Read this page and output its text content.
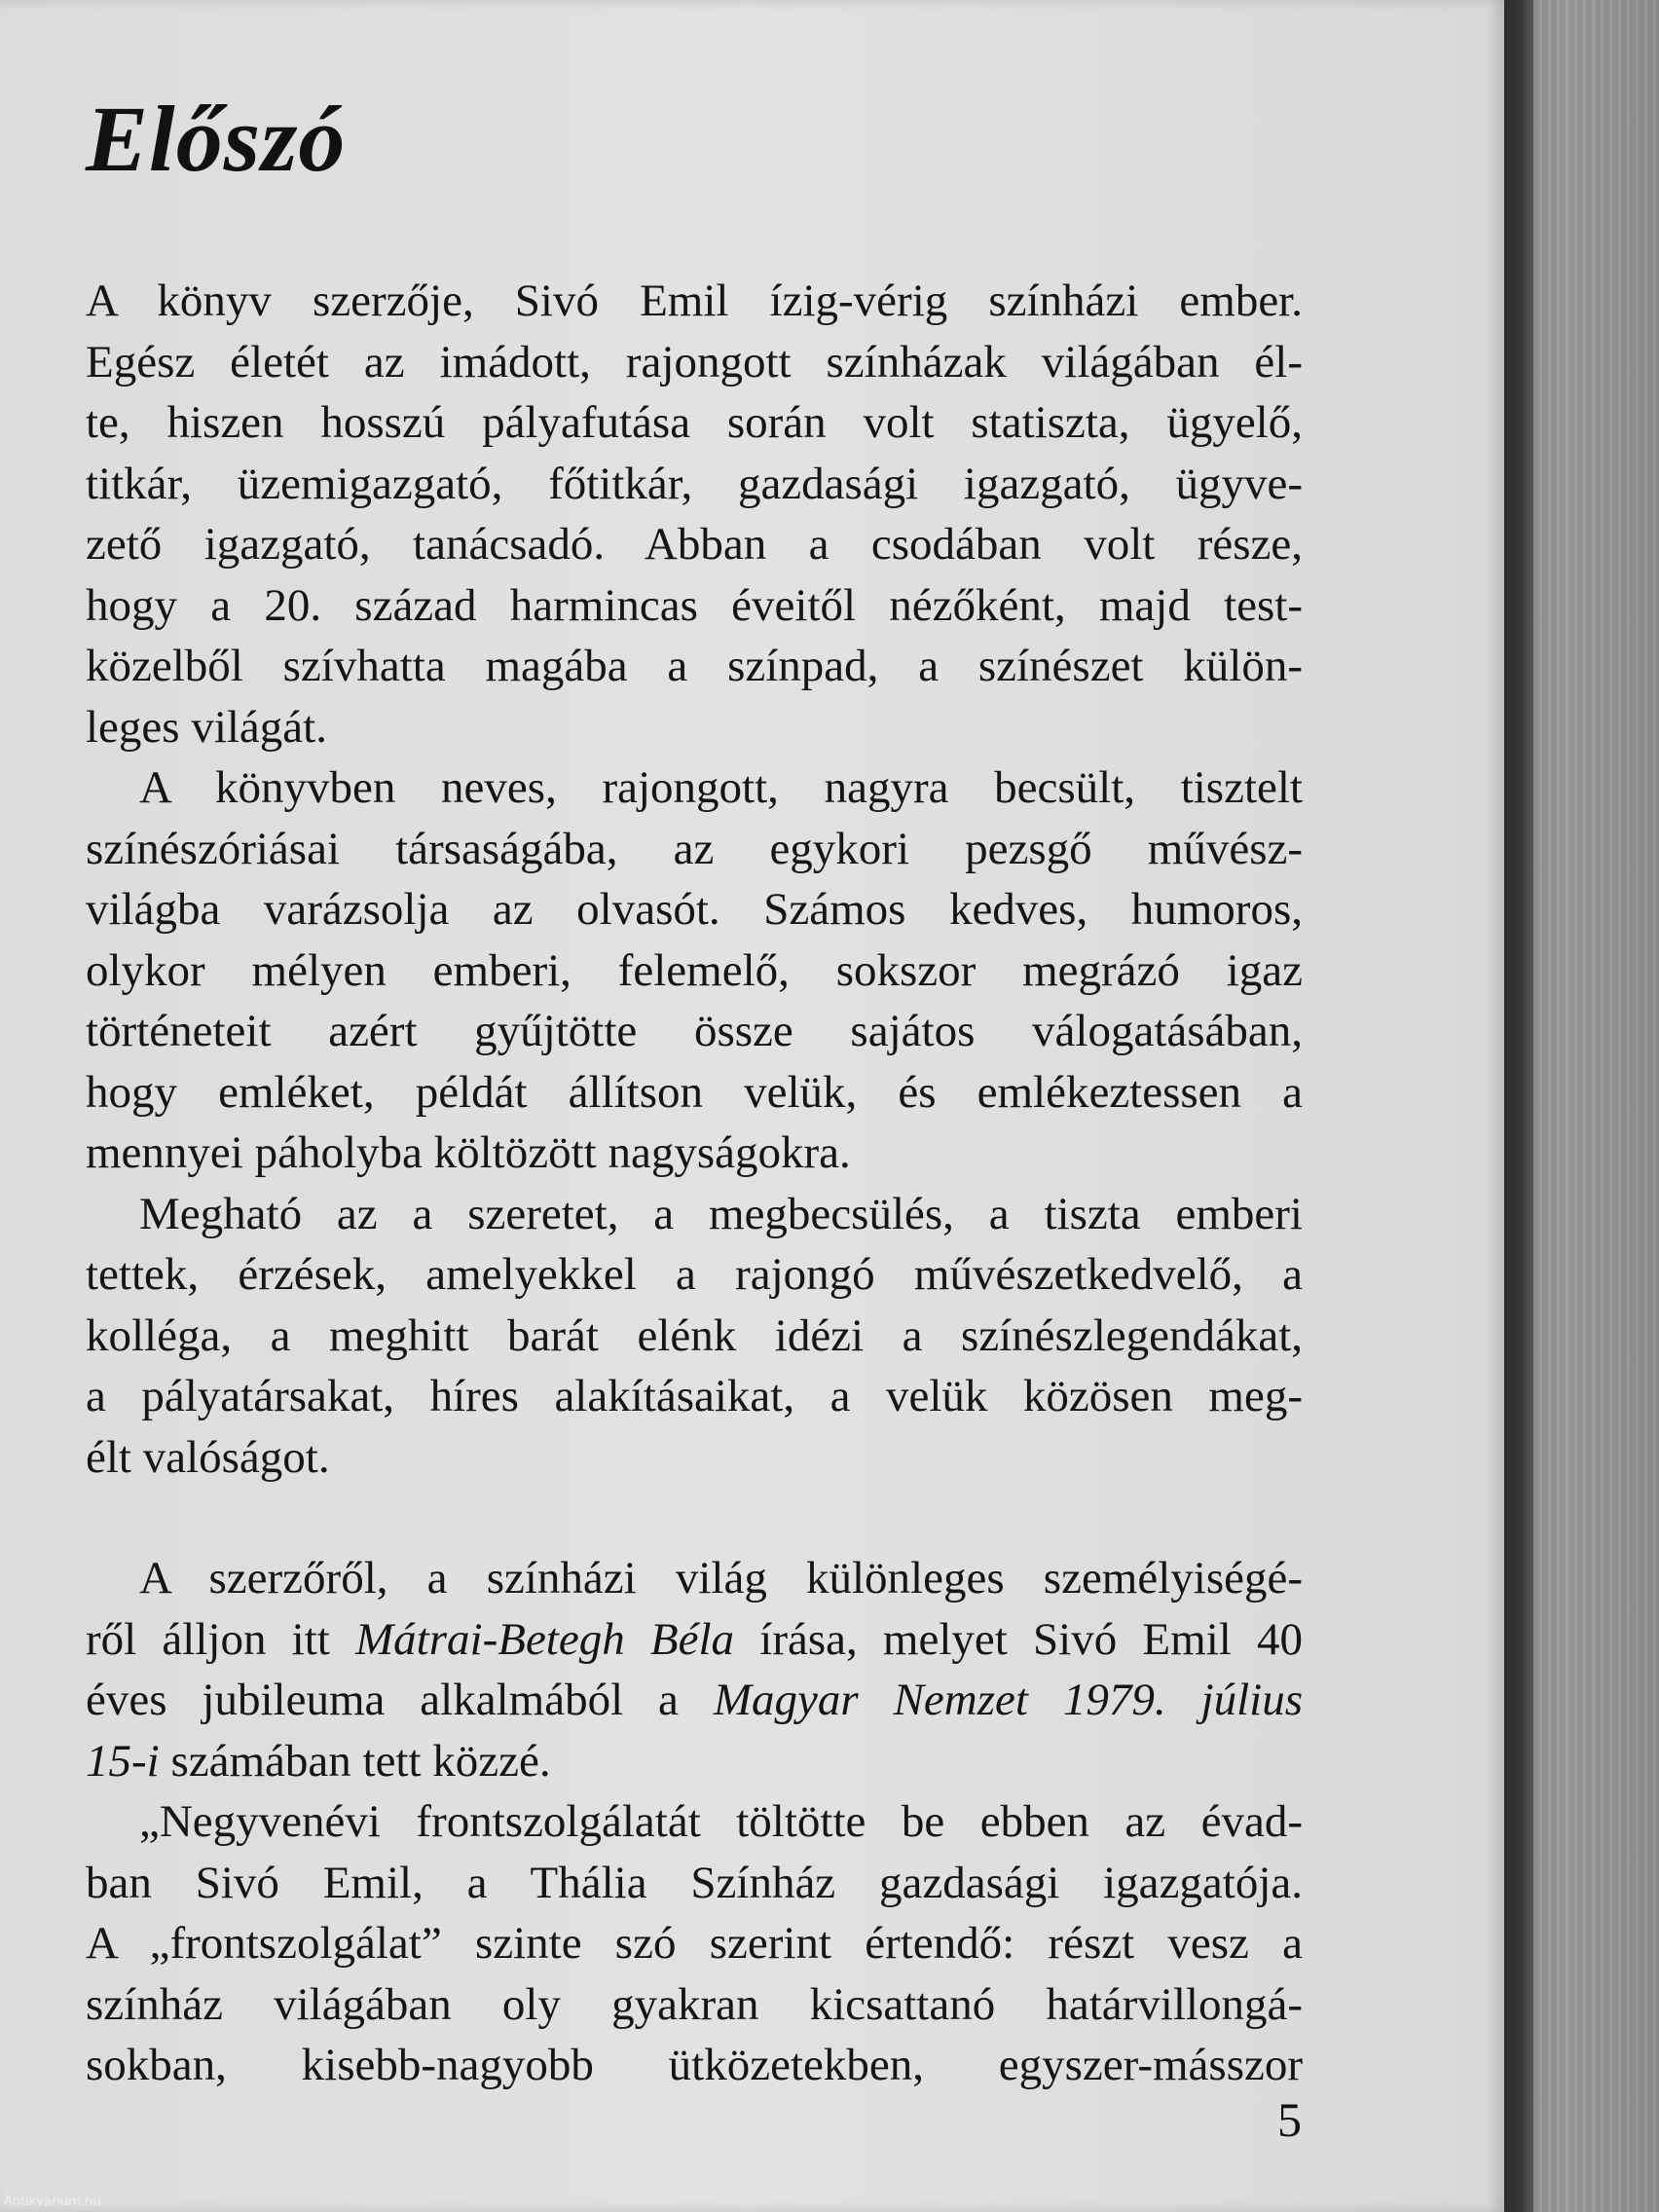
Előszó

A könyv szerzője, Sivó Emil ízig-vérig színházi ember.
Egész életét az imádott, rajongott színházak világában él-
te, hiszen hosszú pályafutása során volt statiszta, ügyelő,
titkár, üzemigazgató, főtitkár, gazdasági igazgató, ügyve-
zető igazgató, tanácsadó. Abban a csodában volt része,
hogy a 20. század harmincas éveitől nézőként, majd test-
közelből szívhatta magába a színpad, a színészet külön-
leges világát.

A könyvben neves, rajongott, nagyra becsült, tisztelt
színészóriásai társaságába, az egykori pezsgő művész-
világba varázsolja az olvasót. Számos kedves, humoros,
olykor mélyen emberi, felemelő, sokszor megrázó igaz
történeteit azért gyűjtötte össze sajátos válogatásában,
hogy emléket, példát állítson velük, és emlékeztessen a
mennyei páholyba költözött nagyságokra.

Megható az a szeretet, a megbecsülés, a tiszta emberi
tettek, érzések, amelyekkel a rajongó művészetkedvelő, a
kolléga, a meghitt barát elénk idézi a színészlegendákat,
a pályatársakat, híres alakításaikat, a velük közösen meg-
élt valóságot.

A szerzőről, a színházi világ különleges személyiségé-
ről álljon itt Mátrai-Betegh Béla írása, melyet Sivó Emil 40
éves jubileuma alkalmából a Magyar Nemzet 1979. július
15-i számában tett közzé.

„Negyvenévi frontszolgálatát töltötte be ebben az évad-
ban Sivó Emil, a Thália Színház gazdasági igazgatója.
A „frontszolgálat” szinte szó szerint értendő: részt vesz a
színház világában oly gyakran kicsattanó határvillongá-
sokban, kisebb-nagyobb ütközetekben, egyszer-másszor

5
Antikvarium.hu
